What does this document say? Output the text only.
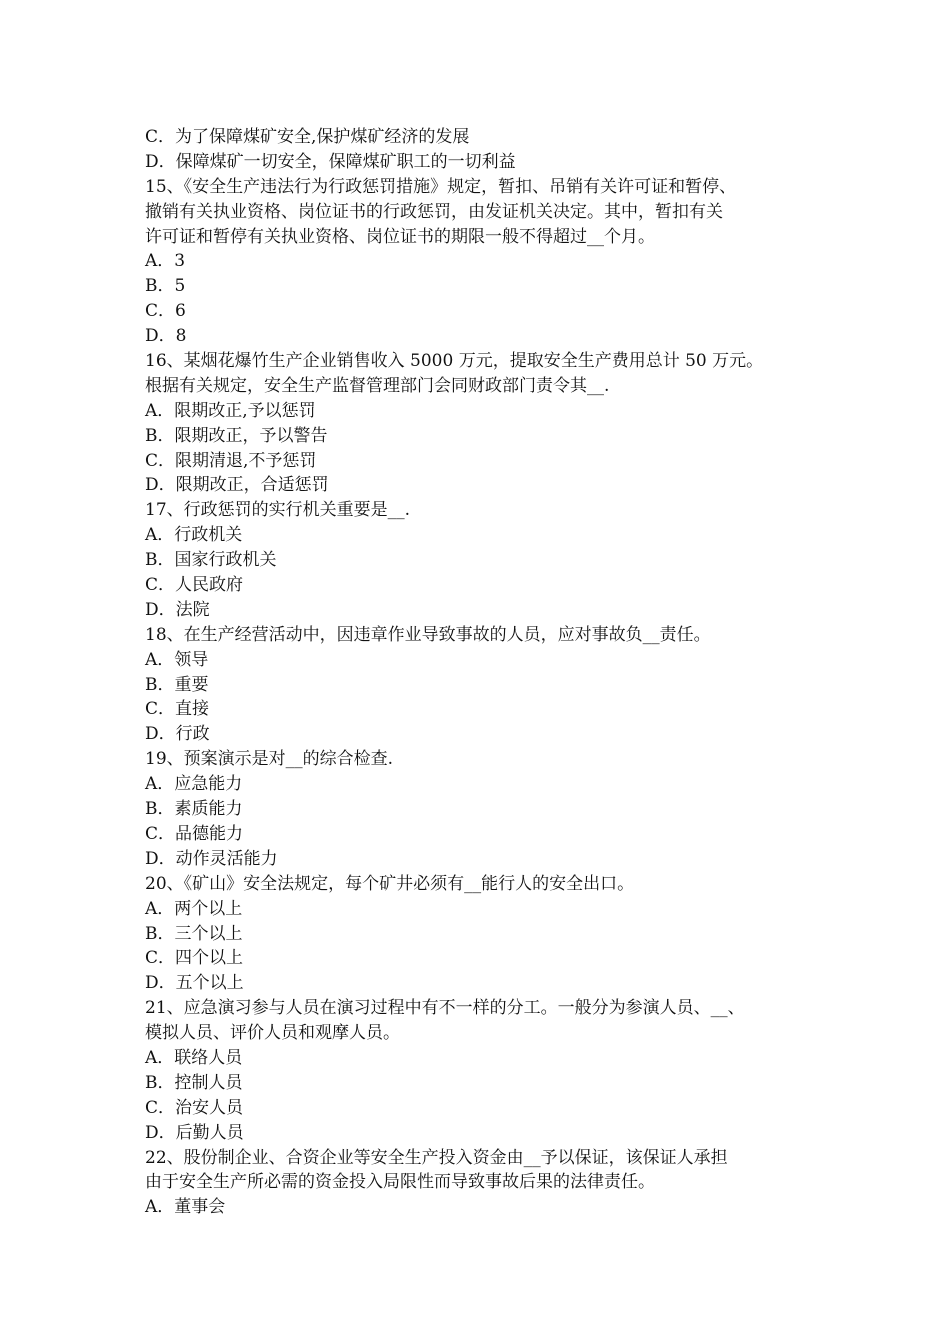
C．为了保障煤矿安全,保护煤矿经济的发展
D．保障煤矿一切安全，保障煤矿职工的一切利益
15、《安全生产违法行为行政惩罚措施》规定，暂扣、吊销有关许可证和暂停、
撤销有关执业资格、岗位证书的行政惩罚，由发证机关决定。其中，暂扣有关
许可证和暂停有关执业资格、岗位证书的期限一般不得超过__个月。
A．3
B．5
C．6
D．8
16、某烟花爆竹生产企业销售收入 5000 万元，提取安全生产费用总计 50 万元。
根据有关规定，安全生产监督管理部门会同财政部门责令其__.
A．限期改正,予以惩罚
B．限期改正，予以警告
C．限期清退,不予惩罚
D．限期改正，合适惩罚
17、行政惩罚的实行机关重要是__.
A．行政机关
B．国家行政机关
C．人民政府
D．法院
18、在生产经营活动中，因违章作业导致事故的人员，应对事故负__责任。
A．领导
B．重要
C．直接
D．行政
19、预案演示是对__的综合检查.
A．应急能力
B．素质能力
C．品德能力
D．动作灵活能力
20、《矿山》安全法规定，每个矿井必须有__能行人的安全出口。
A．两个以上
B．三个以上
C．四个以上
D．五个以上
21、应急演习参与人员在演习过程中有不一样的分工。一般分为参演人员、__、
模拟人员、评价人员和观摩人员。
A．联络人员
B．控制人员
C．治安人员
D．后勤人员
22、股份制企业、合资企业等安全生产投入资金由__予以保证，该保证人承担
由于安全生产所必需的资金投入局限性而导致事故后果的法律责任。
A．董事会
